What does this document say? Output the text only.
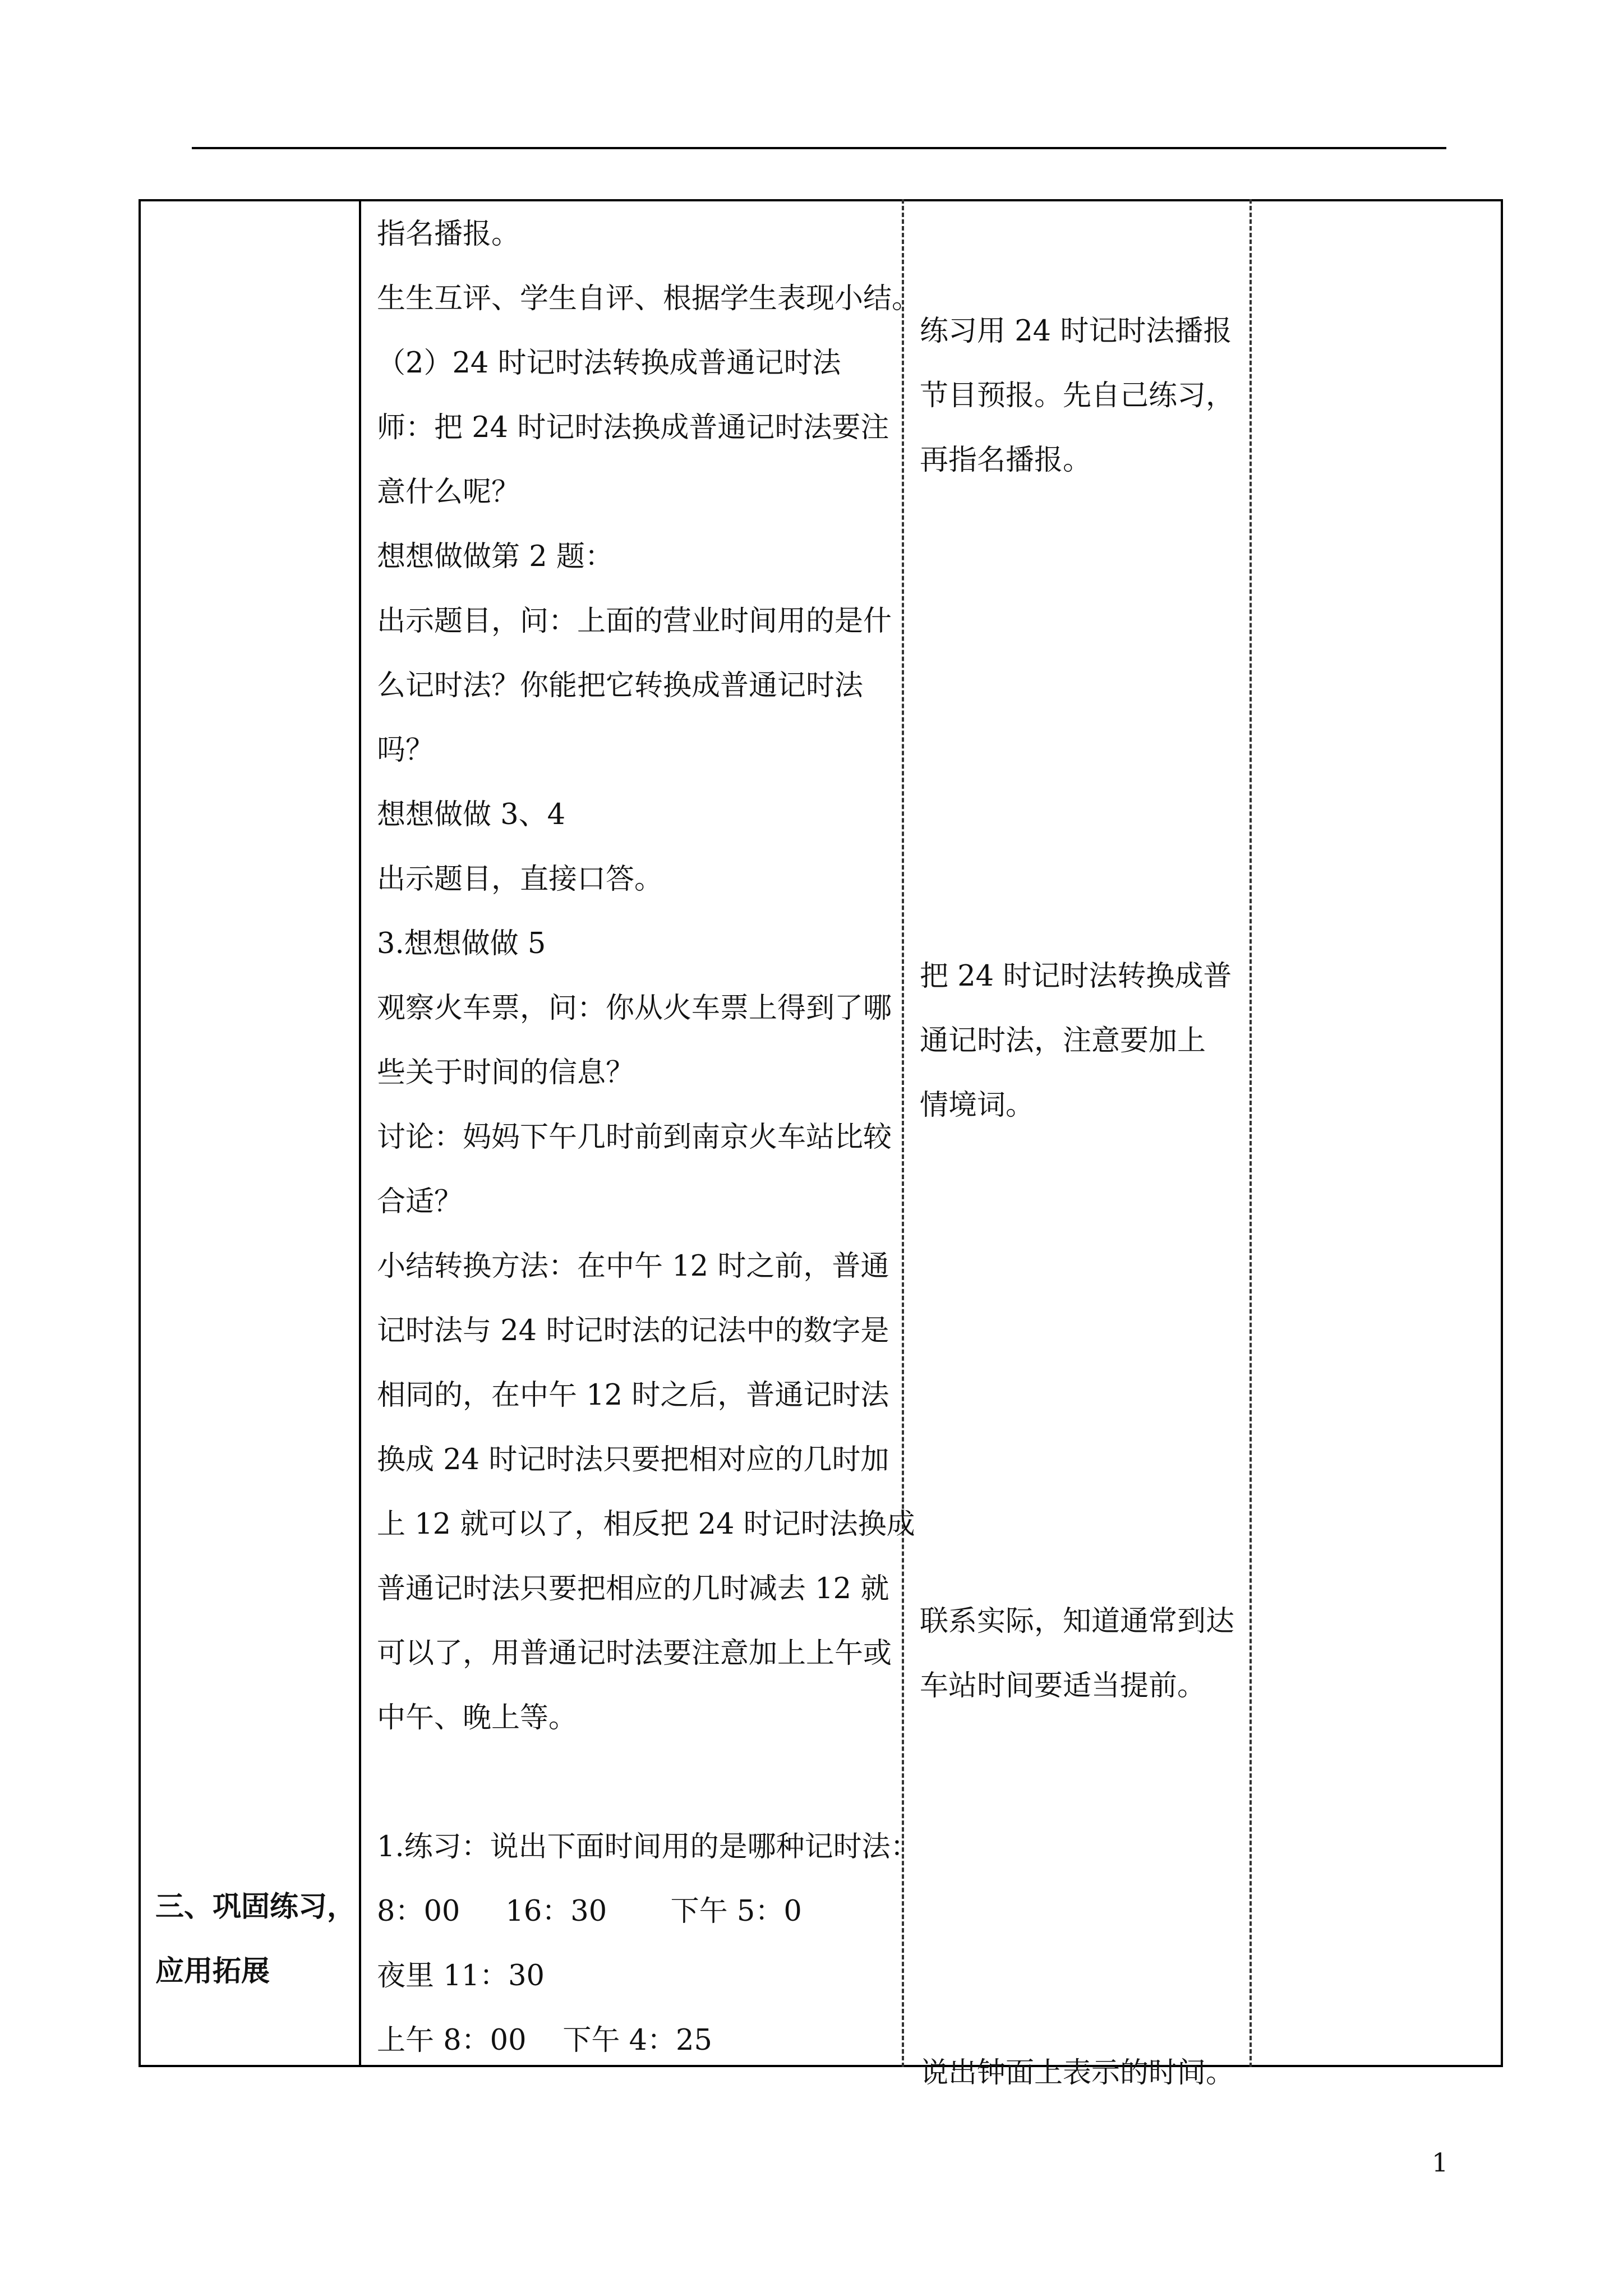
三、巩固练习，
应用拓展
指名播报。
生生互评、学生自评、根据学生表现小结。
（2）24 时记时法转换成普通记时法
师：把 24 时记时法换成普通记时法要注
意什么呢？
想想做做第 2 题：
出示题目，问：上面的营业时间用的是什
么记时法？你能把它转换成普通记时法
吗？
想想做做 3、4
出示题目，直接口答。
3.想想做做 5
观察火车票，问：你从火车票上得到了哪
些关于时间的信息？
讨论：妈妈下午几时前到南京火车站比较
合适？
小结转换方法：在中午 12 时之前，普通
记时法与 24 时记时法的记法中的数字是
相同的，在中午 12 时之后，普通记时法
换成 24 时记时法只要把相对应的几时加
上 12 就可以了，相反把 24 时记时法换成
普通记时法只要把相应的几时减去 12 就
可以了，用普通记时法要注意加上上午或
中午、晚上等。
1.练习：说出下面时间用的是哪种记时法：
8：00     16：30       下午 5：0
夜里 11：30
上午 8：00    下午 4：25
练习用 24 时记时法播报
节目预报。先自己练习，
再指名播报。
把 24 时记时法转换成普
通记时法，注意要加上
情境词。
联系实际，知道通常到达
车站时间要适当提前。
说出钟面上表示的时间。
1
